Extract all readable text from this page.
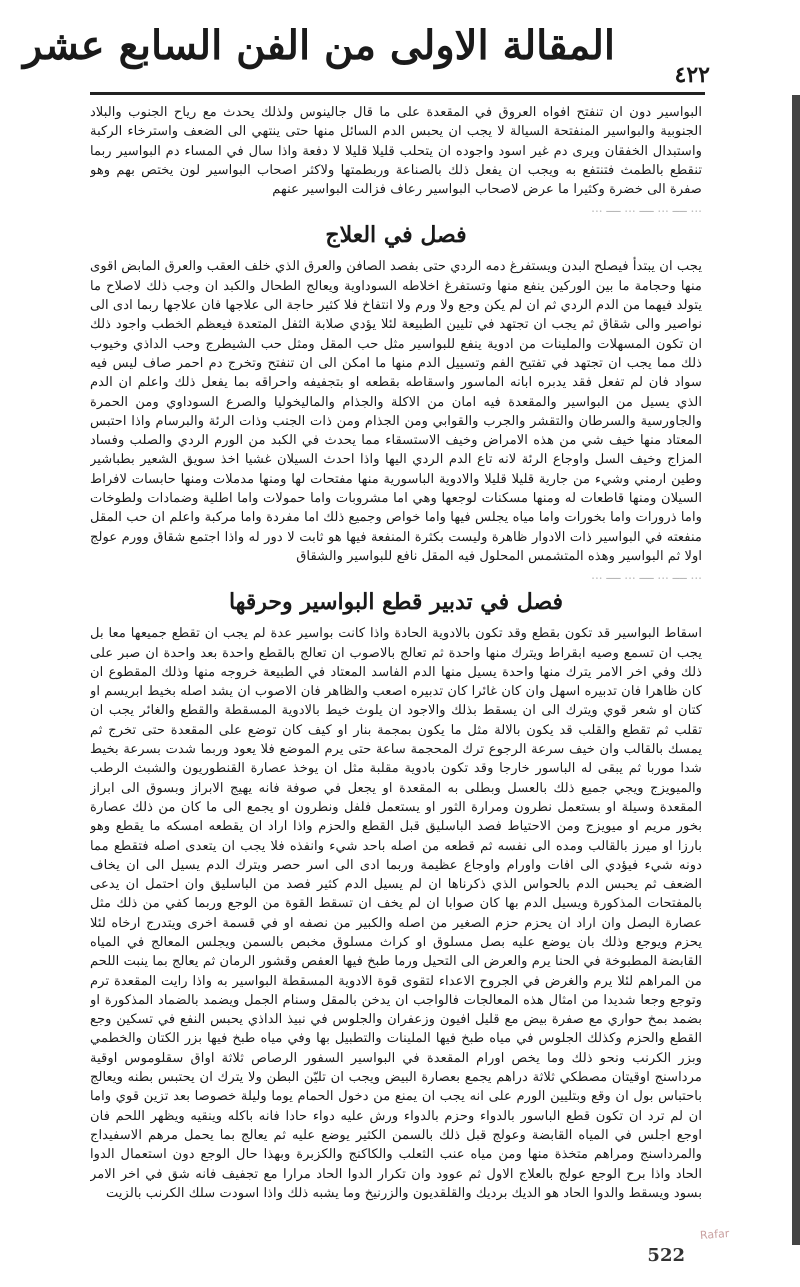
المقالة الاولى من الفن السابع عشر
٤٢٢

البواسير دون ان تنفتح افواه العروق في المقعدة على ما قال جالينوس ولذلك يحدث مع رياح الجنوب والبلاد الجنوبية والبواسير المنفتحة السيالة لا يجب ان يحبس الدم السائل منها حتى ينتهي الى الضعف واسترخاء الركبة واستبدال الخفقان ويرى دم غير اسود واجوده ان يتحلب قليلا قليلا لا دفعة واذا سال في المساء دم البواسير ربما تنقطع بالطمث فتنتفع به ويجب ان يفعل ذلك بالصناعة وربطمتها ولاكثر اصحاب البواسير لون يختص بهم وهو صفرة الى خضرة وكثيرا ما عرض لاصحاب البواسير رعاف فزالت البواسير عنهم

... ــــ ... ــــ ... ــــ ...
فصل في العلاج

يجب ان يبتدأ فيصلح البدن ويستفرغ دمه الردي حتى بفصد الصافن والعرق الذي خلف العقب والعرق المابض اقوى منها وحجامة ما بين الوركين ينفع منها وتستفرغ اخلاطه السوداوية ويعالج الطحال والكبد ان وجب ذلك لاصلاح ما يتولد فيهما من الدم الردي ثم ان لم يكن وجع ولا ورم ولا انتفاخ فلا كثير حاجة الى علاجها فان علاجها ربما ادى الى نواصير والى شقاق ثم يجب ان تجتهد في تليين الطبيعة لئلا يؤدي صلابة الثفل المتعدة فيعظم الخطب واجود ذلك ان تكون المسهلات والملينات من ادوية ينفع للبواسير مثل حب المقل ومثل حب الشيطرج وحب الداذي وخيوب ذلك مما يجب ان تجتهد في تفتيح الفم وتسييل الدم منها ما امكن الى ان تنفتح وتخرج دم احمر صاف ليس فيه سواد فان لم تفعل فقد يدبره ابانه الماسور واسقاطه بقطعه او بتجفيفه واحراقه بما يفعل ذلك واعلم ان الدم الذي يسيل من البواسير والمقعدة فيه امان من الاكلة والجذام والماليخوليا والصرع السوداوي ومن الحمرة والجاورسية والسرطان والتقشر والجرب والقوابي ومن الجذام ومن ذات الجنب وذات الرئة والبرسام واذا احتبس المعتاد منها خيف شي من هذه الامراض وخيف الاستسقاء مما يحدث في الكبد من الورم الردي والصلب وفساد المزاج وخيف السل واوجاع الرئة لانه تاع الدم الردي اليها واذا احدث السيلان غشيا اخذ سويق الشعير بطباشير وطين ارمني وشيء من جارية قليلا قليلا والادوية الباسورية منها مفتحات لها ومنها مدملات ومنها حابسات لافراط السيلان ومنها قاطعات له ومنها مسكنات لوجعها وهي اما مشروبات واما حمولات واما اطلية وضمادات ولطوخات واما ذرورات واما بخورات واما مياه يجلس فيها واما خواص وجميع ذلك اما مفردة واما مركبة واعلم ان حب المقل منفعته في البواسير ذات الادوار ظاهرة وليست بكثرة المنفعة فيها هو ثابت لا دور له واذا اجتمع شقاق وورم عولج اولا ثم البواسير وهذه المتشمس المحلول فيه المقل نافع للبواسير والشقاق

... ــــ ... ــــ ... ــــ ...
فصل في تدبير قطع البواسير وحرقها

اسقاط البواسير قد تكون بقطع وقد تكون بالادوية الحادة واذا كانت بواسير عدة لم يجب ان تقطع جميعها معا بل يجب ان تسمع وصيه ابقراط ويترك منها واحدة ثم تعالج بالاصوب ان تعالج بالقطع واحدة بعد واحدة ان صبر على ذلك وفي اخر الامر يترك منها واحدة يسيل منها الدم الفاسد المعتاد في الطبيعة خروجه منها وذلك المقطوع ان كان ظاهرا فان تدبيره اسهل وان كان غائرا كان تدبيره اصعب والظاهر فان الاصوب ان يشد اصله بخيط ابريسم او كتان او شعر قوي ويترك الى ان يسقط بذلك والاجود ان يلوث خيط بالادوية المسقطة والقطع والغائر يجب ان تقلب ثم تقطع والقلب قد يكون بالالة مثل ما يكون بمجمة بنار او كيف كان توضع على المقعدة حتى تخرج ثم يمسك بالقالب وان خيف سرعة الرجوع ترك المحجمة ساعة حتى يرم الموضع فلا يعود وربما شدت بسرعة بخيط شدا موربا ثم يبقى له الباسور خارجا وقد تكون بادوية مقلبة مثل ان يوخذ عصارة القنطوريون والشبث الرطب والميويزج ويجي جميع ذلك بالعسل وبطلى به المقعدة او يجعل في صوفة فانه يهيج الابراز وبسوق الى ابراز المقعدة وسيلة او بستعمل نطرون ومرارة الثور او يستعمل فلفل ونطرون او يجمع الى ما كان من ذلك عصارة بخور مريم او ميويزج ومن الاحتياط فصد الباسليق قبل القطع والحزم واذا اراد ان يقطعه امسكه ما يقطع وهو بارزا او ميرز بالقالب ومده الى نفسه ثم قطعه من اصله باحد شيء وانفذه فلا يجب ان يتعدى اصله فتقطع مما دونه شيء فيؤدي الى افات واورام واوجاع عظيمة وربما ادى الى اسر حصر ويترك الدم يسيل الى ان يخاف الضعف ثم يحبس الدم بالحواس الذي ذكرناها ان لم يسيل الدم كثير فصد من الباسليق وان احتمل ان يدعى بالمفتحات المذكورة ويسيل الدم بها كان صوابا ان لم يخف ان تسقط القوة من الوجع وربما كفي من ذلك مثل عصارة البصل وان اراد ان يحزم حزم الصغير من اصله والكبير من نصفه او في قسمة اخرى ويتدرج ارخاه لئلا يحزم ويوجع وذلك بان يوضع عليه بصل مسلوق او كراث مسلوق مخبص بالسمن ويجلس المعالج في المياه القابضة المطبوخة في الحنا يرم والعرض الى التحيل ورما طبخ فيها العفص وقشور الرمان ثم يعالج بما ينبت اللحم من المراهم لئلا يرم والغرض في الجروح الاعداء لتقوى قوة الادوية المسقطة البواسير به واذا رايت المقعدة ترم وتوجع وجعا شديدا من امثال هذه المعالجات فالواجب ان يدخن بالمقل وسنام الجمل ويضمد بالضماد المذكورة او بضمد بمخ حواري مع صفرة بيض مع قليل افيون وزعفران والجلوس في نبيذ الداذي يحبس النفع في تسكين وجع القطع والحزم وكذلك الجلوس في مياه طبخ فيها الملينات والتطبيل بها وفي مياه طبخ فيها بزر الكتان والخطمي وبزر الكرنب ونحو ذلك وما يخص اورام المقعدة في البواسير السفور الرصاص ثلاثة اواق سقلوموس اوقية مرداسنج اوقيتان مصطكي ثلاثة دراهم يجمع بعصارة البيض ويجب ان تليّن البطن ولا يترك ان يحتبس بطنه ويعالج باحتباس بول ان وقع وبتليين الورم على انه يجب ان يمنع من دخول الحمام يوما وليلة خصوصا بعد تزين قوي واما ان لم ترد ان تكون قطع الباسور بالدواء وحزم بالدواء ورش عليه دواء حادا فانه باكله وينقيه ويظهر اللحم فان اوجع اجلس في المياه القابضة وعولج قبل ذلك بالسمن الكثير يوضع عليه ثم يعالج بما يحمل مرهم الاسفيداج والمرداسنج ومراهم متخذة منها ومن مياه عنب الثعلب والكاكنج والكزبرة وبهذا حال الوجع دون استعمال الدوا الحاد واذا برح الوجع عولج بالعلاج الاول ثم عوود وان تكرار الدوا الحاد مرارا مع تجفيف فانه شق في اخر الامر بسود ويسقط والدوا الحاد هو الديك برديك والقلقديون والزرنيخ وما يشبه ذلك واذا اسودت سلك الكرنب بالزيت

522
Rafar
